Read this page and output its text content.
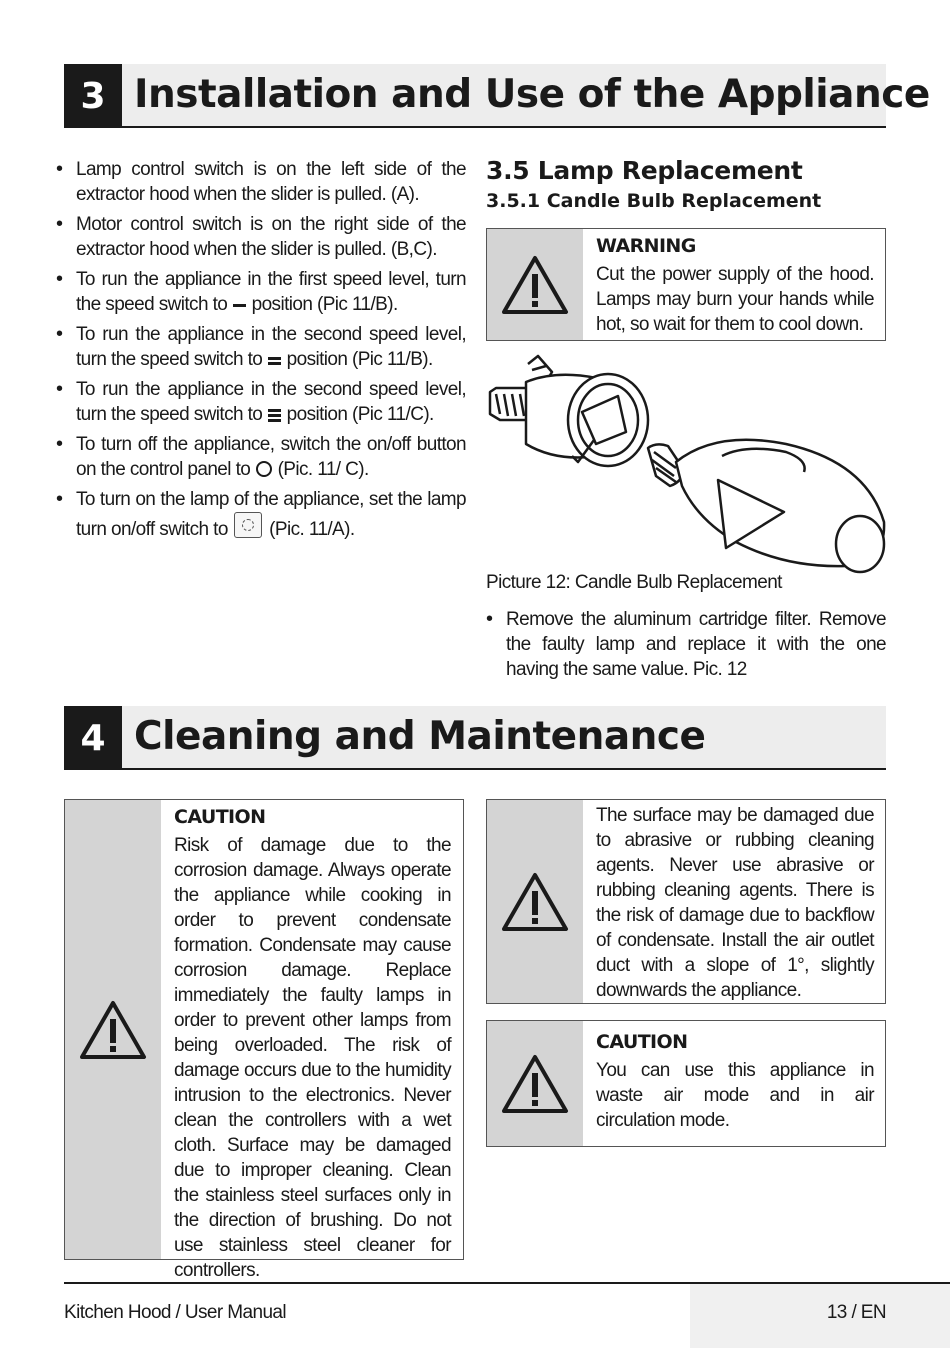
3 Installation and Use of the Appliance
• Lamp control switch is on the left side of the extractor hood when the slider is pulled. (A).
• Motor control switch is on the right side of the extractor hood when the slider is pulled. (B,C).
• To run the appliance in the first speed level, turn the speed switch to
position (Pic 11/B).
• To run the appliance in the second speed level, turn the speed switch to
position (Pic 11/B).
• To run the appliance in the second speed level, turn the speed switch to
position (Pic 11/C).
• To turn off the appliance, switch the on/off button on the control panel to  (Pic. 11/ C).
• To turn on the lamp of the appliance, set the lamp turn on/off switch to  (Pic. 11/A).
3.5 Lamp Replacement
3.5.1 Candle Bulb Replacement
WARNING

Cut the power supply of the hood. Lamps may burn your hands while hot, so wait for them to cool down.

Picture 12: Candle Bulb Replacement
• Remove the aluminum cartridge filter. Remove the faulty lamp and replace it with the one having the same value. Pic. 12
4 Cleaning and Maintenance
CAUTION

Risk of damage due to the corrosion damage. Always operate the appliance while cooking in order to prevent condensate formation. Condensate may cause corrosion damage. Replace immediately the faulty lamps in order to prevent other lamps from being overloaded. The risk of damage occurs due to the humidity intrusion to the electronics. Never clean the controllers with a wet cloth. Surface may be damaged due to improper cleaning. Clean the stainless steel surfaces only in the direction of brushing. Do not use stainless steel cleaner for controllers.

The surface may be damaged due to abrasive or rubbing cleaning agents. Never use abrasive or rubbing cleaning agents. There is the risk of damage due to backflow of condensate. Install the air outlet duct with a slope of 1°, slightly downwards the appliance.

CAUTION

You can use this appliance in waste air mode and in air circulation mode.

Kitchen Hood / User Manual	13 / EN
